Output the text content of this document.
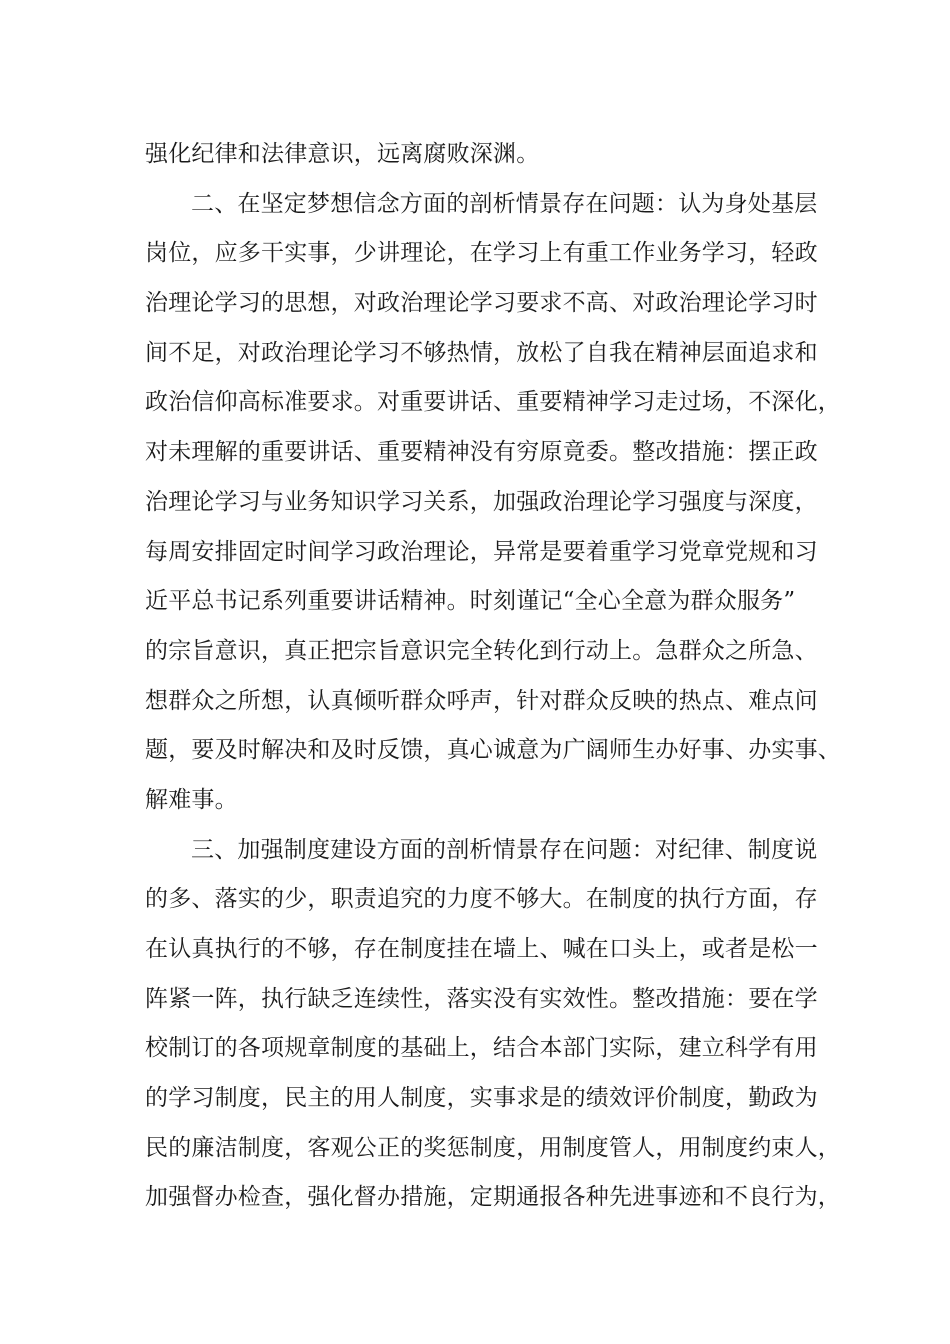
强化纪律和法律意识，远离腐败深渊。
二、在坚定梦想信念方面的剖析情景存在问题：认为身处基层
岗位，应多干实事，少讲理论，在学习上有重工作业务学习，轻政
治理论学习的思想，对政治理论学习要求不高、对政治理论学习时
间不足，对政治理论学习不够热情，放松了自我在精神层面追求和
政治信仰高标准要求。对重要讲话、重要精神学习走过场，不深化，
对未理解的重要讲话、重要精神没有穷原竟委。整改措施：摆正政
治理论学习与业务知识学习关系，加强政治理论学习强度与深度，
每周安排固定时间学习政治理论，异常是要着重学习党章党规和习
近平总书记系列重要讲话精神。时刻谨记“全心全意为群众服务”
的宗旨意识，真正把宗旨意识完全转化到行动上。急群众之所急、
想群众之所想，认真倾听群众呼声，针对群众反映的热点、难点问
题，要及时解决和及时反馈，真心诚意为广阔师生办好事、办实事、
解难事。
三、加强制度建设方面的剖析情景存在问题：对纪律、制度说
的多、落实的少，职责追究的力度不够大。在制度的执行方面，存
在认真执行的不够，存在制度挂在墙上、喊在口头上，或者是松一
阵紧一阵，执行缺乏连续性，落实没有实效性。整改措施：要在学
校制订的各项规章制度的基础上，结合本部门实际，建立科学有用
的学习制度，民主的用人制度，实事求是的绩效评价制度，勤政为
民的廉洁制度，客观公正的奖惩制度，用制度管人，用制度约束人，
加强督办检查，强化督办措施，定期通报各种先进事迹和不良行为，
